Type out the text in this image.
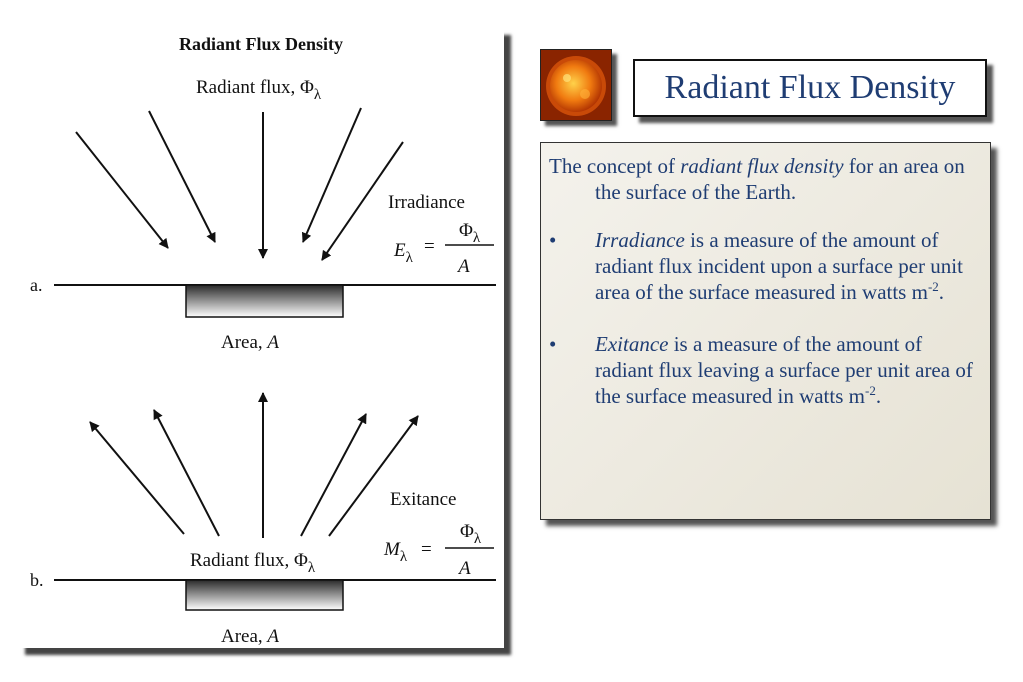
Radiant Flux Density
Radiant flux, $\Phi_\lambda$
Irradiance
$E_\lambda$
=
$\Phi_\lambda$
A
a.
Area, A
Exitance
$M_\lambda$ =
$\Phi_\lambda$
A
Radiant flux, $\Phi_\lambda$
b.
Area, A
Radiant Flux Density

The concept of radiant flux density for an area on the surface of the Earth.

• Irradiance is a measure of the amount of radiant flux incident upon a surface per unit area of the surface measured in watts $m^{-2}$.
• Exitance is a measure of the amount of radiant flux leaving a surface per unit area of the surface measured in watts $m^{-2}$.
